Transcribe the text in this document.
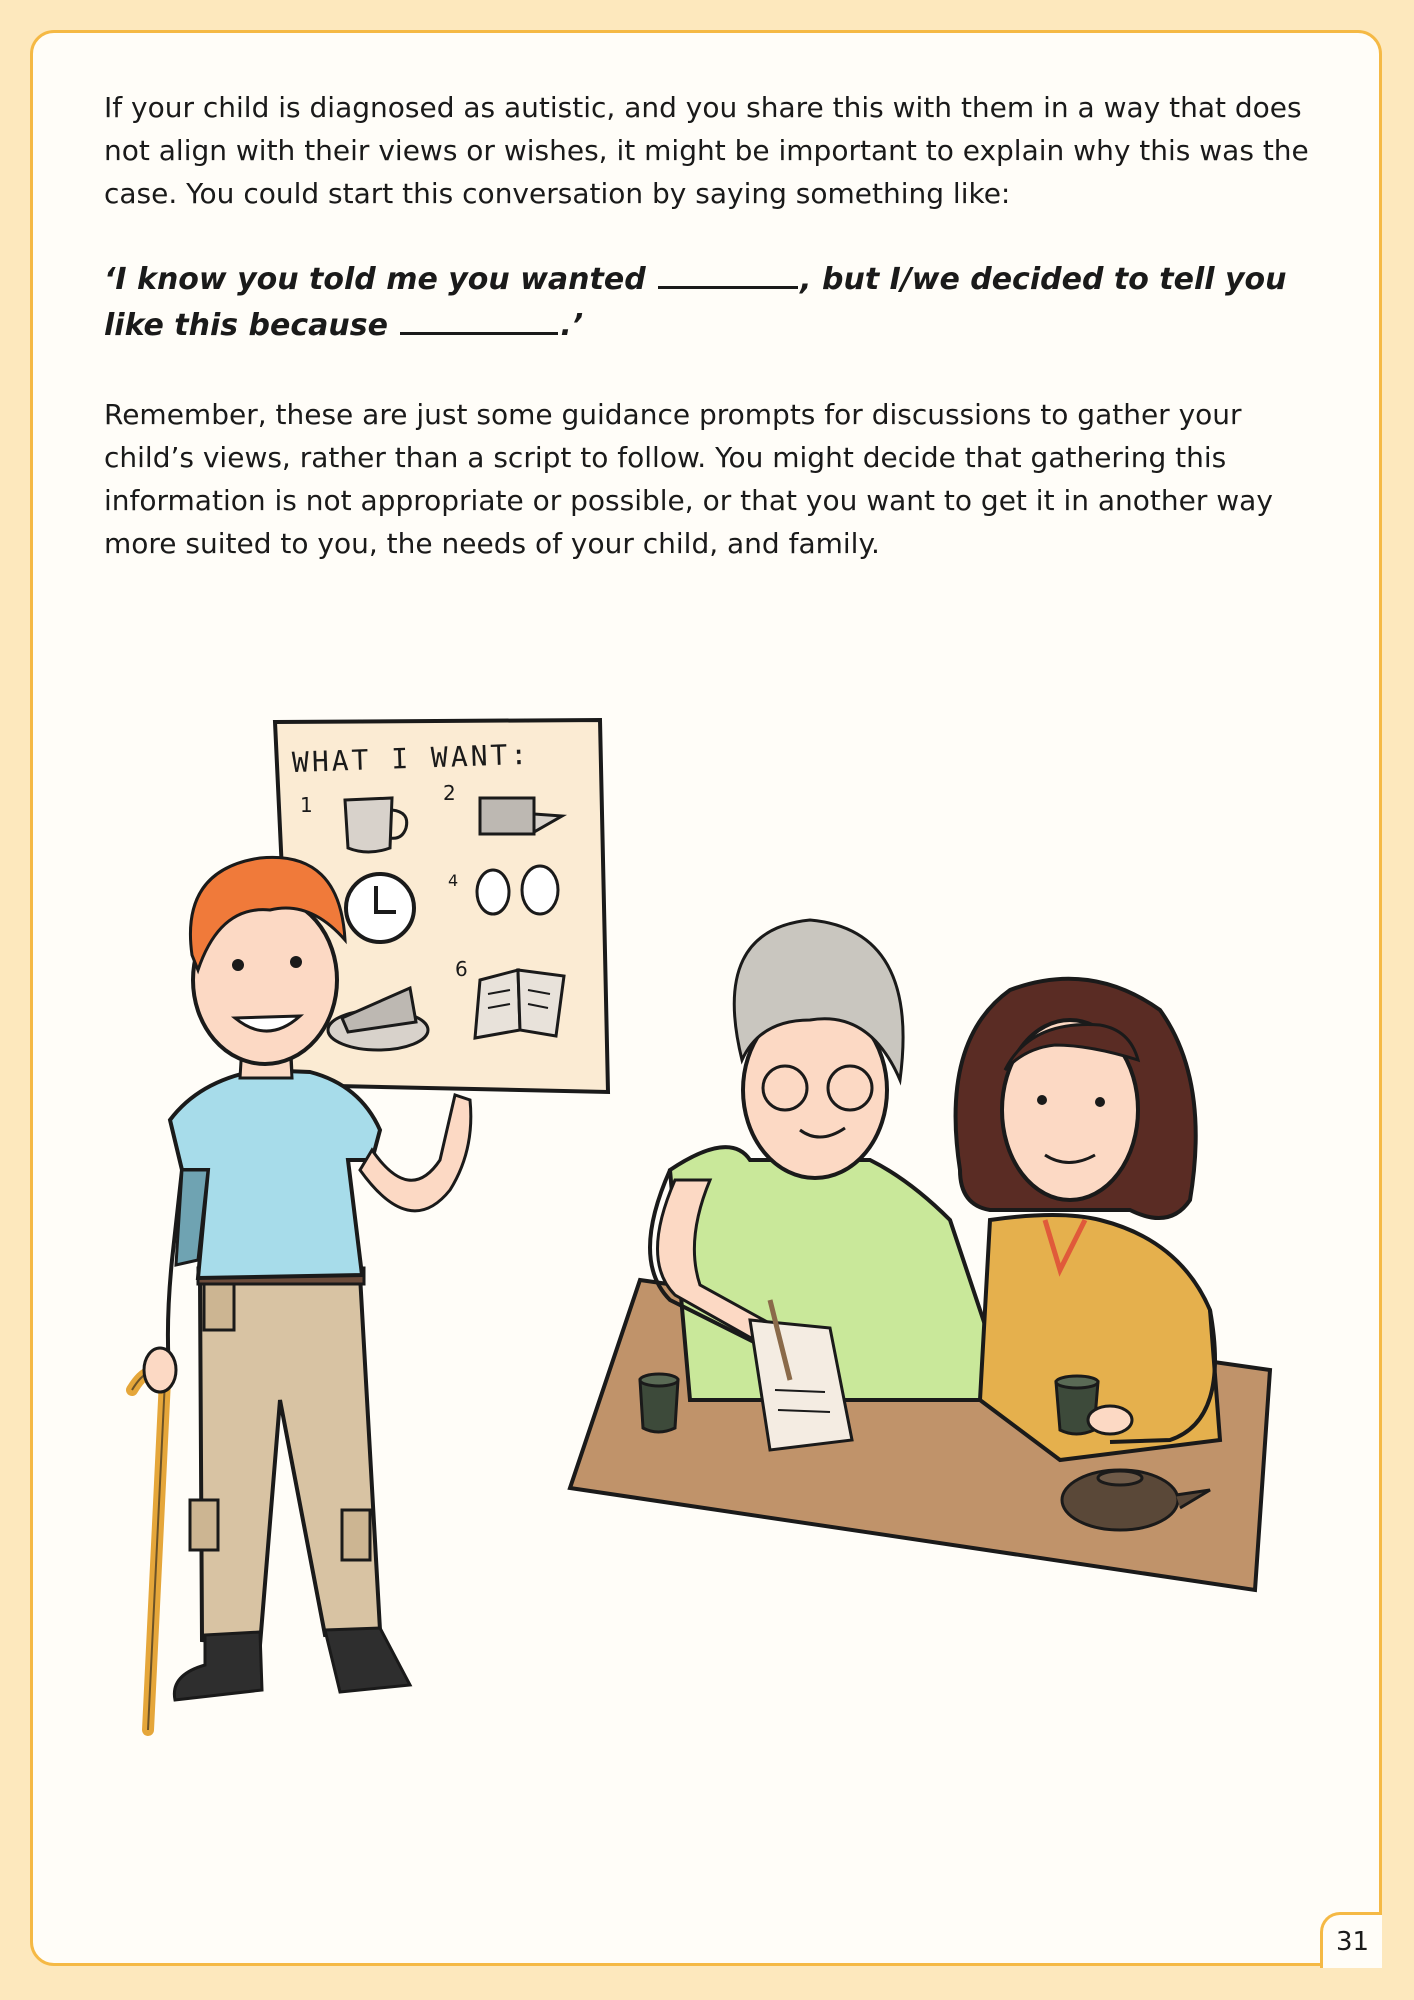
If your child is diagnosed as autistic, and you share this with them in a way that does not align with their views or wishes, it might be important to explain why this was the case. You could start this conversation by saying something like:

‘I know you told me you wanted	, but I/we decided to tell you like this because	.’

Remember, these are just some guidance prompts for discussions to gather your child’s views, rather than a script to follow. You might decide that gathering this information is not appropriate or possible, or that you want to get it in another way more suited to you, the needs of your child, and family.

WHAT I WANT:
1	2
4
6
31
